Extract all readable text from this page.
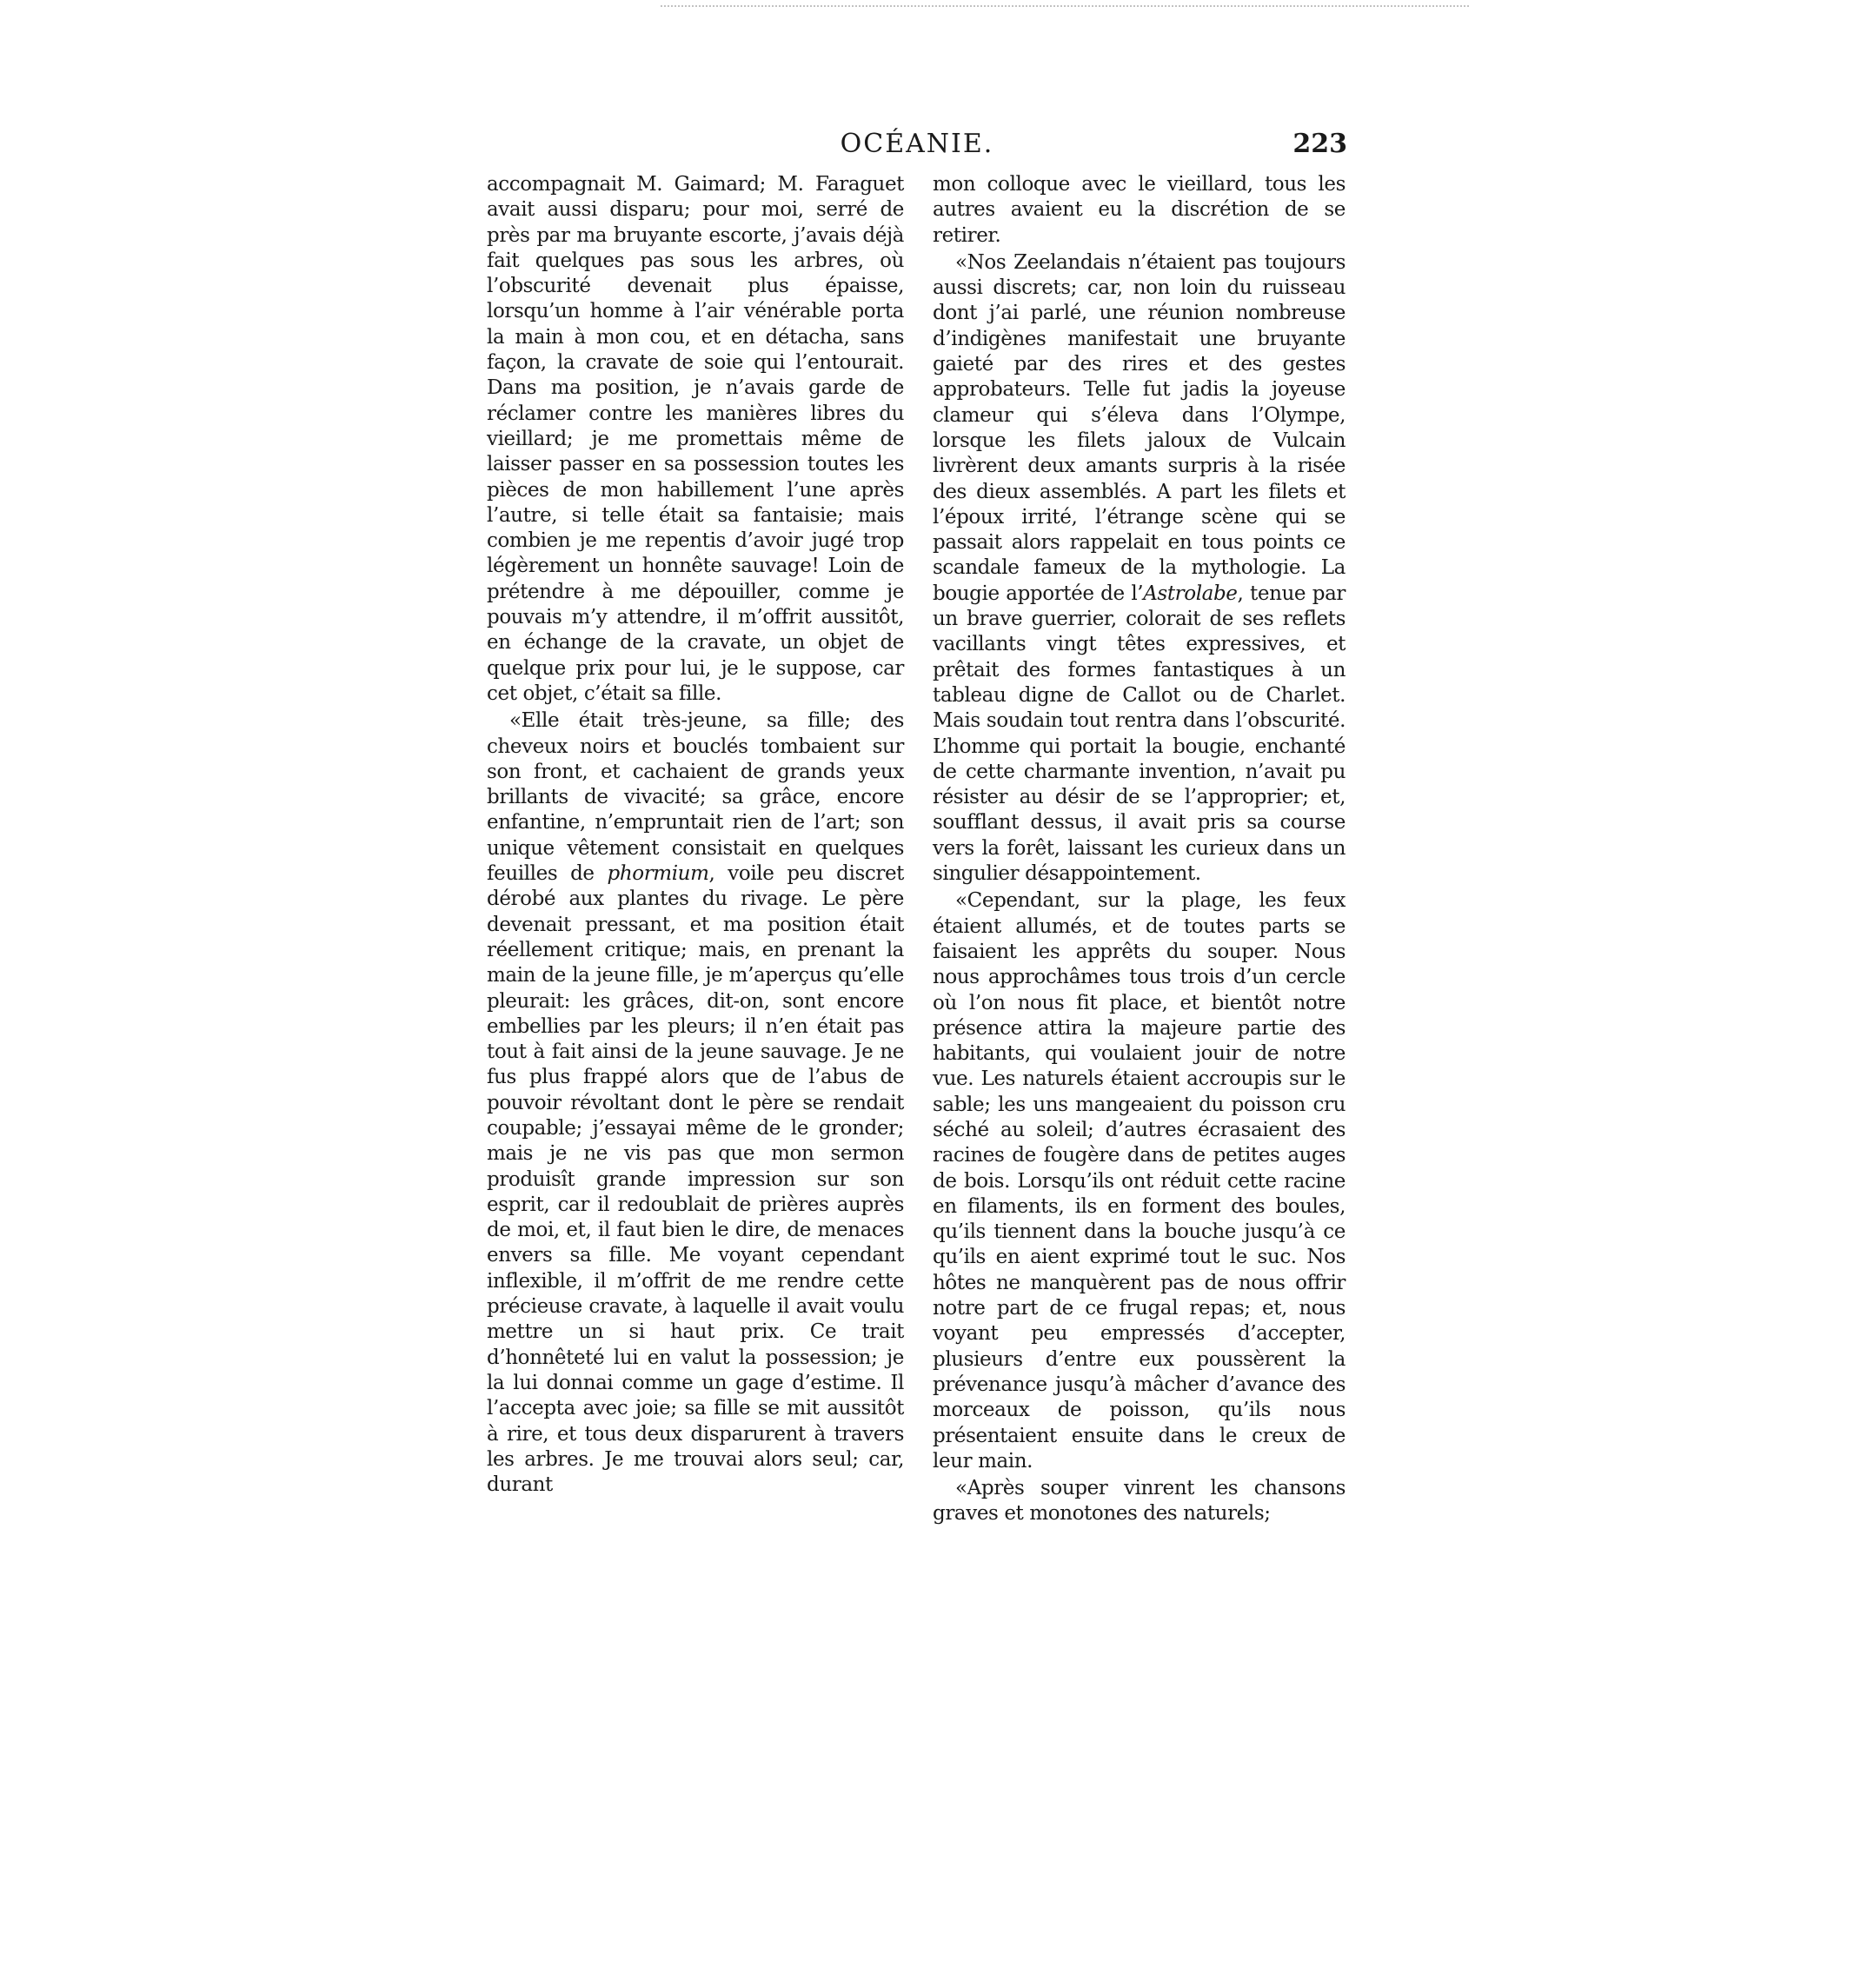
OCÉANIE.	223

accompagnait M. Gaimard; M. Faraguet avait aussi disparu; pour moi, serré de près par ma bruyante escorte, j’avais déjà fait quelques pas sous les arbres, où l’obscurité devenait plus épaisse, lorsqu’un homme à l’air vénérable porta la main à mon cou, et en détacha, sans façon, la cravate de soie qui l’entourait. Dans ma position, je n’avais garde de réclamer contre les manières libres du vieillard; je me promettais même de laisser passer en sa possession toutes les pièces de mon habillement l’une après l’autre, si telle était sa fantaisie; mais combien je me repentis d’avoir jugé trop légèrement un honnête sauvage! Loin de prétendre à me dépouiller, comme je pouvais m’y attendre, il m’offrit aussitôt, en échange de la cravate, un objet de quelque prix pour lui, je le suppose, car cet objet, c’était sa fille.

«Elle était très-jeune, sa fille; des cheveux noirs et bouclés tombaient sur son front, et cachaient de grands yeux brillants de vivacité; sa grâce, encore enfantine, n’empruntait rien de l’art; son unique vêtement consistait en quelques feuilles de phormium, voile peu discret dérobé aux plantes du rivage. Le père devenait pressant, et ma position était réellement critique; mais, en prenant la main de la jeune fille, je m’aperçus qu’elle pleurait: les grâces, dit-on, sont encore embellies par les pleurs; il n’en était pas tout à fait ainsi de la jeune sauvage. Je ne fus plus frappé alors que de l’abus de pouvoir révoltant dont le père se rendait coupable; j’essayai même de le gronder; mais je ne vis pas que mon sermon produisît grande impression sur son esprit, car il redoublait de prières auprès de moi, et, il faut bien le dire, de menaces envers sa fille. Me voyant cependant inflexible, il m’offrit de me rendre cette précieuse cravate, à laquelle il avait voulu mettre un si haut prix. Ce trait d’honnêteté lui en valut la possession; je la lui donnai comme un gage d’estime. Il l’accepta avec joie; sa fille se mit aussitôt à rire, et tous deux disparurent à travers les arbres. Je me trouvai alors seul; car, durant

mon colloque avec le vieillard, tous les autres avaient eu la discrétion de se retirer.

«Nos Zeelandais n’étaient pas toujours aussi discrets; car, non loin du ruisseau dont j’ai parlé, une réunion nombreuse d’indigènes manifestait une bruyante gaieté par des rires et des gestes approbateurs. Telle fut jadis la joyeuse clameur qui s’éleva dans l’Olympe, lorsque les filets jaloux de Vulcain livrèrent deux amants surpris à la risée des dieux assemblés. A part les filets et l’époux irrité, l’étrange scène qui se passait alors rappelait en tous points ce scandale fameux de la mythologie. La bougie apportée de l’Astrolabe, tenue par un brave guerrier, colorait de ses reflets vacillants vingt têtes expressives, et prêtait des formes fantastiques à un tableau digne de Callot ou de Charlet. Mais soudain tout rentra dans l’obscurité. L’homme qui portait la bougie, enchanté de cette charmante invention, n’avait pu résister au désir de se l’approprier; et, soufflant dessus, il avait pris sa course vers la forêt, laissant les curieux dans un singulier désappointement.

«Cependant, sur la plage, les feux étaient allumés, et de toutes parts se faisaient les apprêts du souper. Nous nous approchâmes tous trois d’un cercle où l’on nous fit place, et bientôt notre présence attira la majeure partie des habitants, qui voulaient jouir de notre vue. Les naturels étaient accroupis sur le sable; les uns mangeaient du poisson cru séché au soleil; d’autres écrasaient des racines de fougère dans de petites auges de bois. Lorsqu’ils ont réduit cette racine en filaments, ils en forment des boules, qu’ils tiennent dans la bouche jusqu’à ce qu’ils en aient exprimé tout le suc. Nos hôtes ne manquèrent pas de nous offrir notre part de ce frugal repas; et, nous voyant peu empressés d’accepter, plusieurs d’entre eux poussèrent la prévenance jusqu’à mâcher d’avance des morceaux de poisson, qu’ils nous présentaient ensuite dans le creux de leur main.

«Après souper vinrent les chansons graves et monotones des naturels;
